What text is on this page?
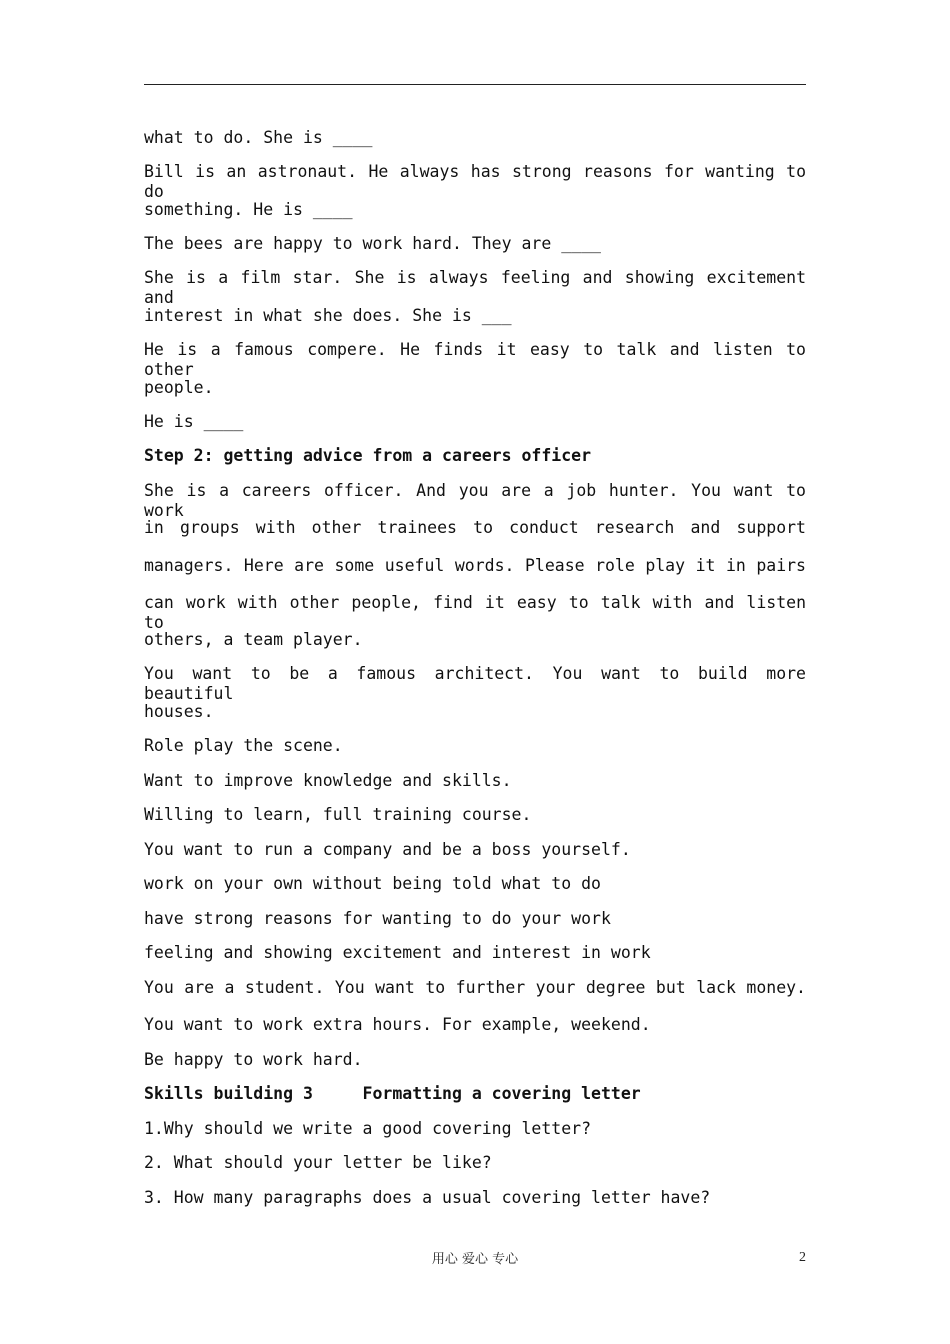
what to do. She is ____
Bill is an astronaut. He always has strong reasons for wanting to do
something. He is ____
The bees are happy to work hard. They are ____
She is a film star. She is always feeling and showing excitement and
interest in what she does. She is ___
He is a famous compere. He finds it easy to talk and listen to other
people.
He is ____
Step 2: getting advice from a careers officer
She is a careers officer. And you are a job hunter. You want to work
in groups with other trainees to conduct research and support
managers. Here are some useful words. Please role play it in pairs
can work with other people, find it easy to talk with and listen to
others, a team player.
You want to be a famous architect. You want to build more beautiful
houses.
Role play the scene.
Want to improve knowledge and skills.
Willing to learn, full training course.
You want to run a company and be a boss yourself.
work on your own without being told what to do
have strong reasons for wanting to do your work
feeling and showing excitement and interest in work
You are a student. You want to further your degree but lack money.
You want to work extra hours. For example, weekend.
Be happy to work hard.
Skills building 3     Formatting a covering letter
1.Why should we write a good covering letter?
2. What should your letter be like?
3. How many paragraphs does a usual covering letter have?
用心 爱心 专心	2
